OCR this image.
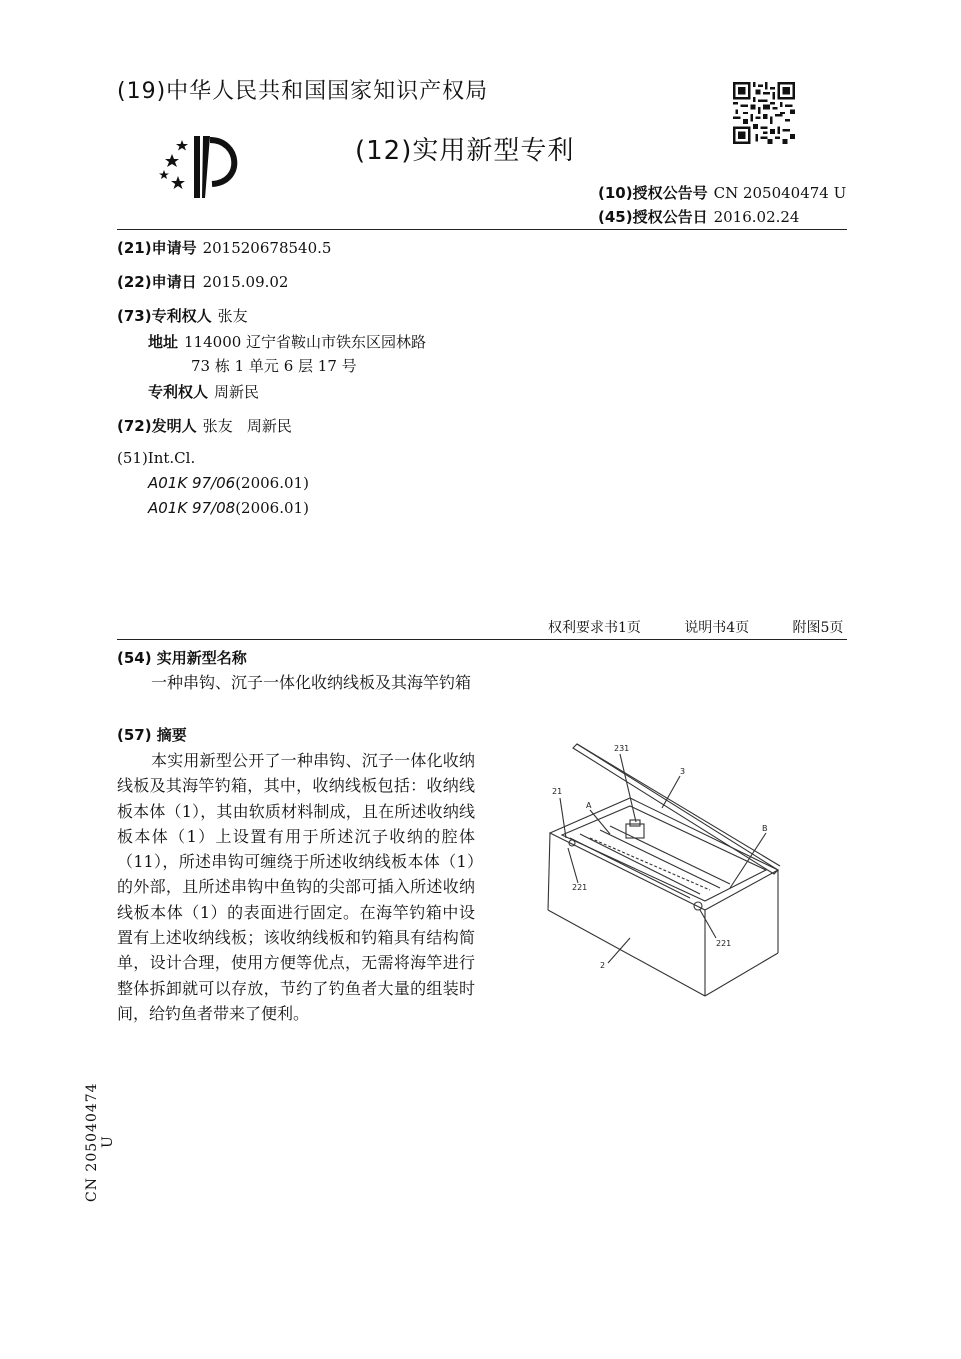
(19)中华人民共和国国家知识产权局
(12)实用新型专利
(10)授权公告号 CN 205040474 U
(45)授权公告日 2016.02.24
(21)申请号 201520678540.5
(22)申请日 2015.09.02
(73)专利权人 张友
地址 114000 辽宁省鞍山市铁东区园林路
73 栋 1 单元 6 层 17 号
专利权人 周新民
(72)发明人 张友   周新民
(51)Int.Cl.
A01K 97/06(2006.01)
A01K 97/08(2006.01)
权利要求书1页   说明书4页   附图5页
(54) 实用新型名称
一种串钩、沉子一体化收纳线板及其海竿钓箱
(57) 摘要
本实用新型公开了一种串钩、沉子一体化收纳线板及其海竿钓箱，其中，收纳线板包括：收纳线板本体（1），其由软质材料制成，且在所述收纳线板本体（1）上设置有用于所述沉子收纳的腔体（11），所述串钩可缠绕于所述收纳线板本体（1）的外部，且所述串钩中鱼钩的尖部可插入所述收纳线板本体（1）的表面进行固定。在海竿钓箱中设置有上述收纳线板；该收纳线板和钓箱具有结构简单，设计合理，使用方便等优点，无需将海竿进行整体拆卸就可以存放，节约了钓鱼者大量的组装时间，给钓鱼者带来了便利。
231
3
A
21
B
221
221
2
CN 205040474 U
